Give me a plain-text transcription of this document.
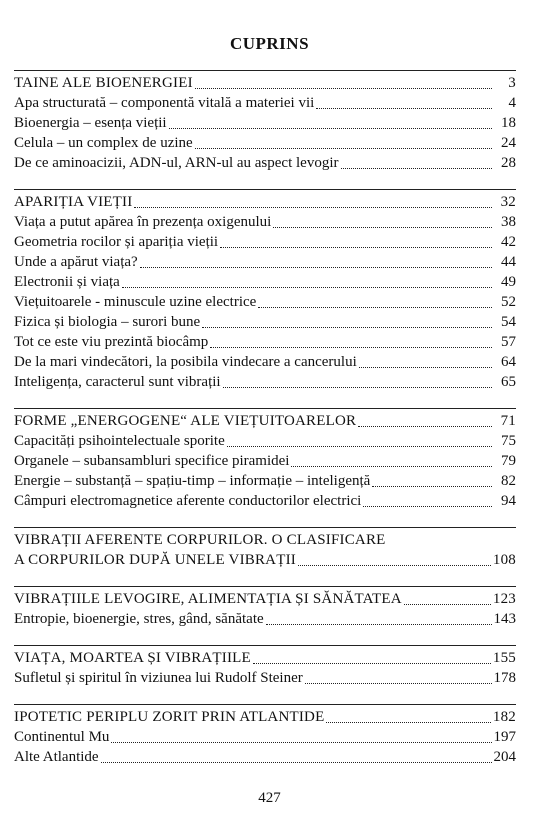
CUPRINS
TAINE ALE BIOENERGIEI	3
Apa structurată – componentă vitală a materiei vii	4
Bioenergia – esența vieții	18
Celula – un complex de uzine	24
De ce aminoacizii, ADN-ul, ARN-ul au aspect levogir	28
APARIȚIA VIEȚII	32
Viața a putut apărea în prezența oxigenului	38
Geometria rocilor și apariția vieții	42
Unde a apărut viața?	44
Electronii și viața	49
Viețuitoarele - minuscule uzine electrice	52
Fizica și biologia – surori bune	54
Tot ce este viu prezintă biocâmp	57
De la mari vindecători, la posibila vindecare a cancerului	64
Inteligența, caracterul sunt vibrații	65
FORME „ENERGOGENE“ ALE VIEȚUITOARELOR	71
Capacități psihointelectuale sporite	75
Organele – subansambluri specifice piramidei	79
Energie – substanță – spațiu-timp – informație – inteligență	82
Câmpuri electromagnetice aferente conductorilor electrici	94
VIBRAȚII AFERENTE CORPURILOR. O CLASIFICARE
A CORPURILOR DUPĂ UNELE VIBRAȚII	108
VIBRAȚIILE LEVOGIRE, ALIMENTAȚIA ȘI SĂNĂTATEA	123
Entropie, bioenergie, stres, gând, sănătate	143
VIAȚA, MOARTEA ȘI VIBRAȚIILE	155
Sufletul și spiritul în viziunea lui Rudolf Steiner	178
IPOTETIC PERIPLU ZORIT PRIN ATLANTIDE	182
Continentul Mu	197
Alte Atlantide	204
427
